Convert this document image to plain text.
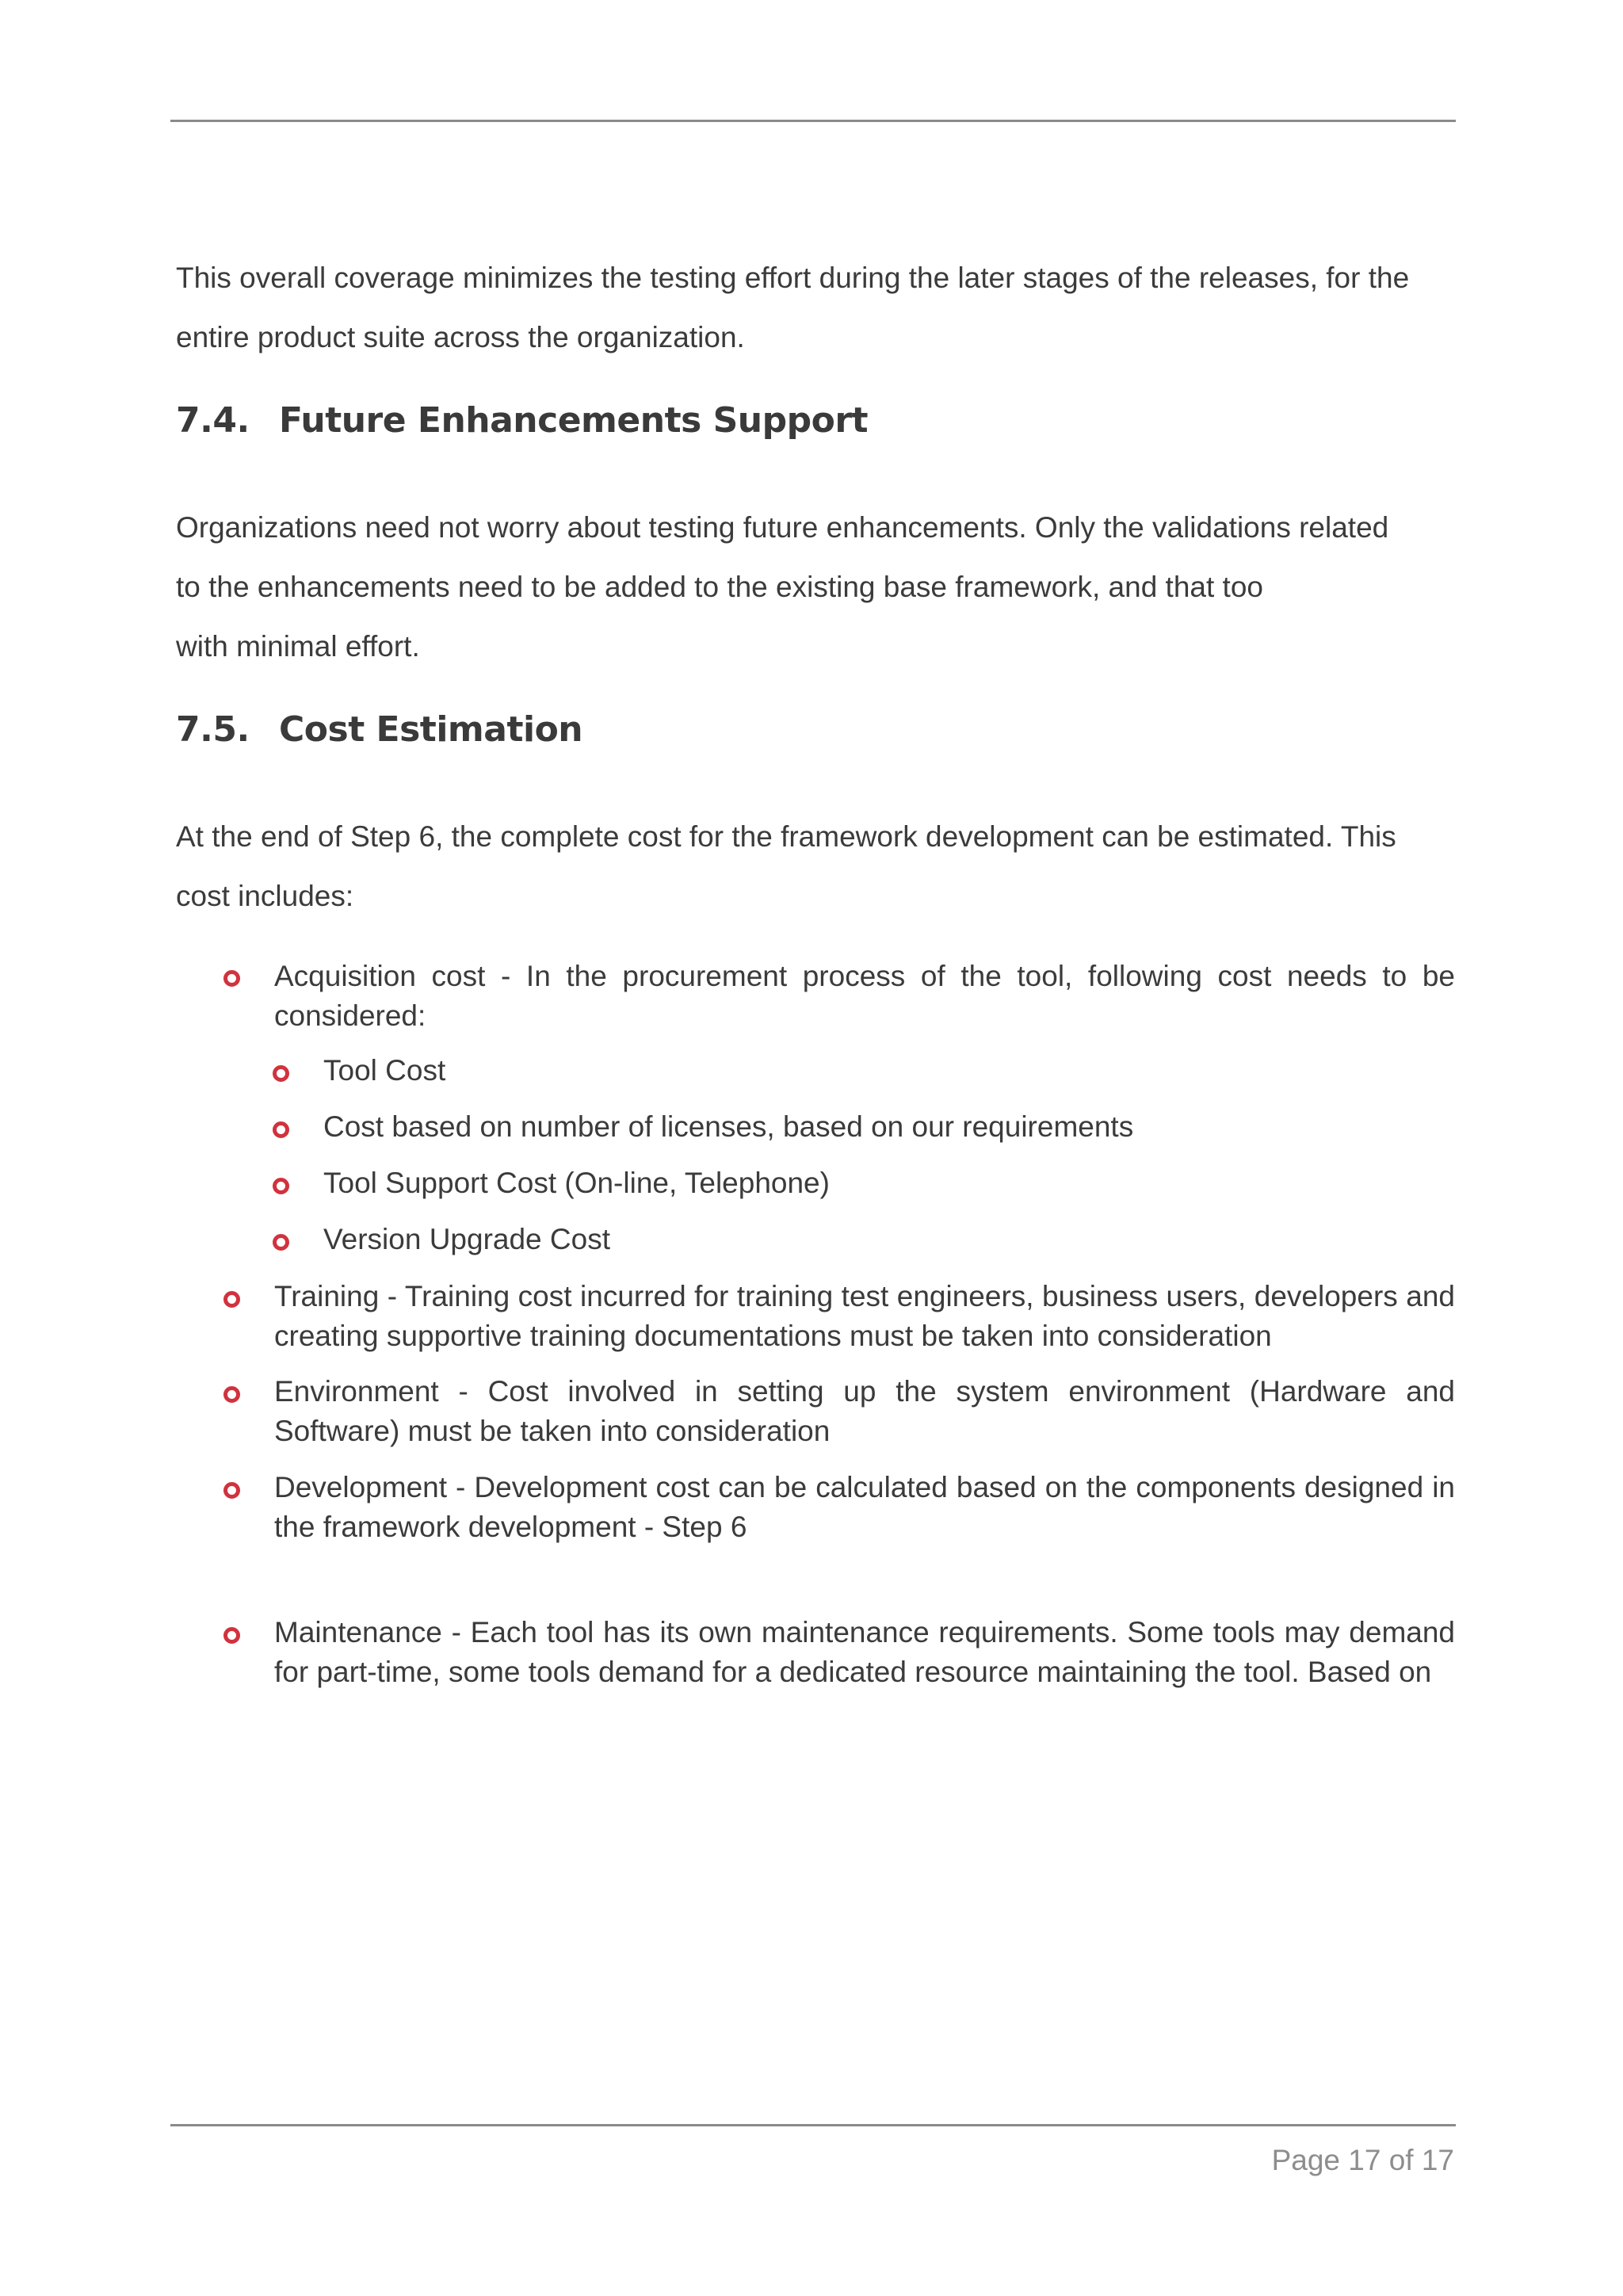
This overall coverage minimizes the testing effort during the later stages of the releases, for the
entire product suite across the organization.

7.4. Future Enhancements Support

Organizations need not worry about testing future enhancements. Only the validations related
to the enhancements need to be added to the existing base framework, and that too
with minimal effort.

7.5. Cost Estimation

At the end of Step 6, the complete cost for the framework development can be estimated. This
cost includes:

Acquisition cost - In the procurement process of the tool, following cost needs to be considered:
Tool Cost
Cost based on number of licenses, based on our requirements
Tool Support Cost (On-line, Telephone)
Version Upgrade Cost
Training - Training cost incurred for training test engineers, business users, developers and creating supportive training documentations must be taken into consideration
Environment - Cost involved in setting up the system environment (Hardware and Software) must be taken into consideration
Development - Development cost can be calculated based on the components designed in the framework development - Step 6
Maintenance - Each tool has its own maintenance requirements. Some tools may demand for part-time, some tools demand for a dedicated resource maintaining the tool. Based on
Page 17 of 17
